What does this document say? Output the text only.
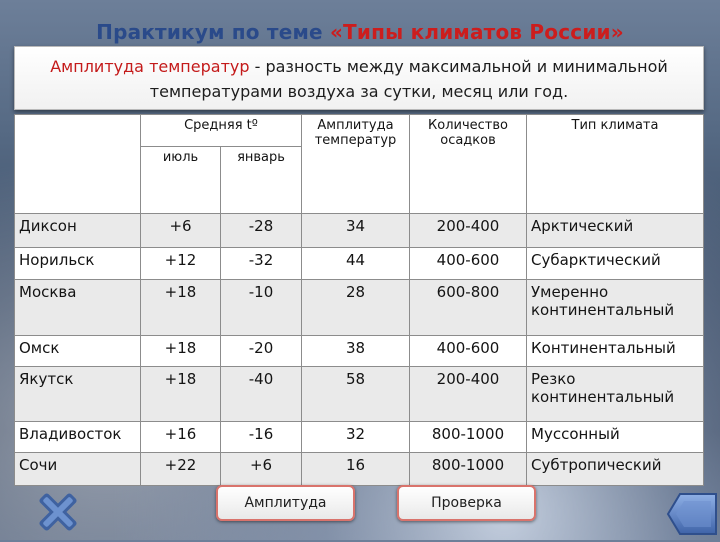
Практикум по теме «Типы климатов России»
Амплитуда температур - разность между максимальной и минимальной температурами воздуха за сутки, месяц или год.
	Средняя tº		Амплитуда температур	Количество осадков	Тип климата
	июль	январь			
Диксон	+6	-28	34	200-400	Арктический
Норильск	+12	-32	44	400-600	Субарктический
Москва	+18	-10	28	600-800	Умеренно континентальный
Омск	+18	-20	38	400-600	Континентальный
Якутск	+18	-40	58	200-400	Резко континентальный
Владивосток	+16	-16	32	800-1000	Муссонный
Сочи	+22	+6	16	800-1000	Субтропический
Амплитуда	Проверка
